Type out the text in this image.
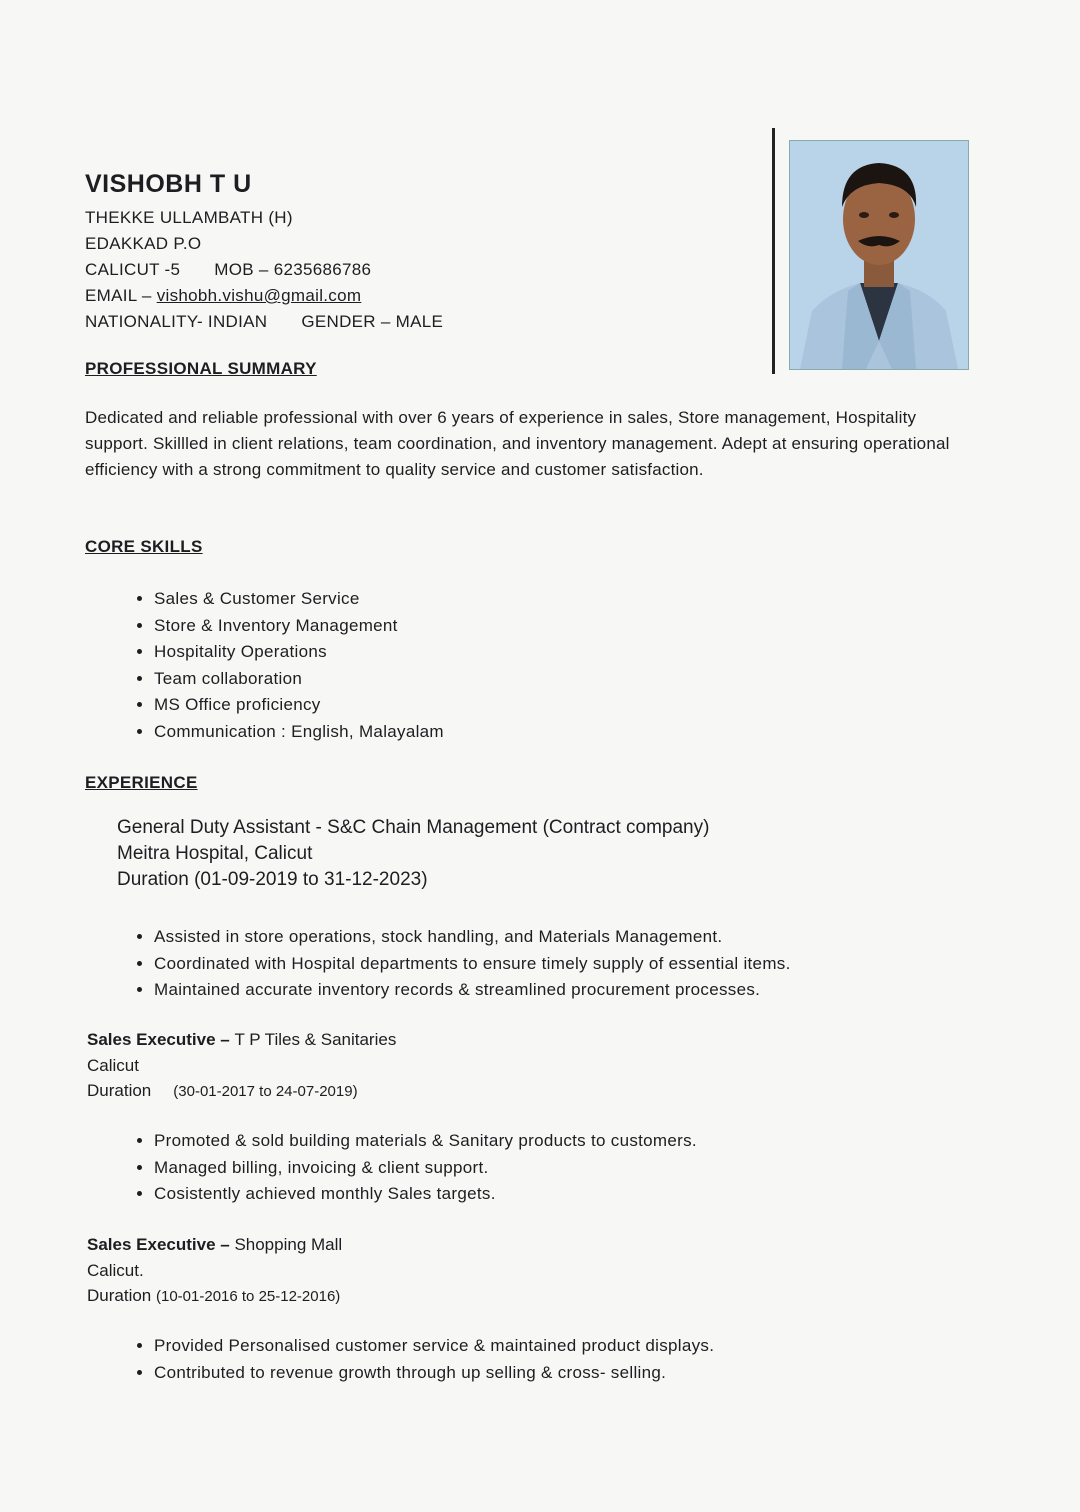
VISHOBH T U
THEKKE ULLAMBATH (H)
EDAKKAD P.O
CALICUT -5 MOB – 6235686786
EMAIL – vishobh.vishu@gmail.com
NATIONALITY- INDIAN GENDER – MALE
PROFESSIONAL SUMMARY

Dedicated and reliable professional with over 6 years of experience in sales, Store management, Hospitality support. Skillled in client relations, team coordination, and inventory management. Adept at ensuring operational efficiency with a strong commitment to quality service and customer satisfaction.

CORE SKILLS
• Sales & Customer Service
• Store & Inventory Management
• Hospitality Operations
• Team collaboration
• MS Office proficiency
• Communication : English, Malayalam
EXPERIENCE
General Duty Assistant - S&C Chain Management (Contract company)
Meitra Hospital, Calicut
Duration (01-09-2019 to 31-12-2023)
• Assisted in store operations, stock handling, and Materials Management.
• Coordinated with Hospital departments to ensure timely supply of essential items.
• Maintained accurate inventory records & streamlined procurement processes.
Sales Executive – T P Tiles & Sanitaries
Calicut
Duration (30-01-2017 to 24-07-2019)
• Promoted & sold building materials & Sanitary products to customers.
• Managed billing, invoicing & client support.
• Cosistently achieved monthly Sales targets.
Sales Executive – Shopping Mall
Calicut.
Duration (10-01-2016 to 25-12-2016)
• Provided Personalised customer service & maintained product displays.
• Contributed to revenue growth through up selling & cross- selling.
